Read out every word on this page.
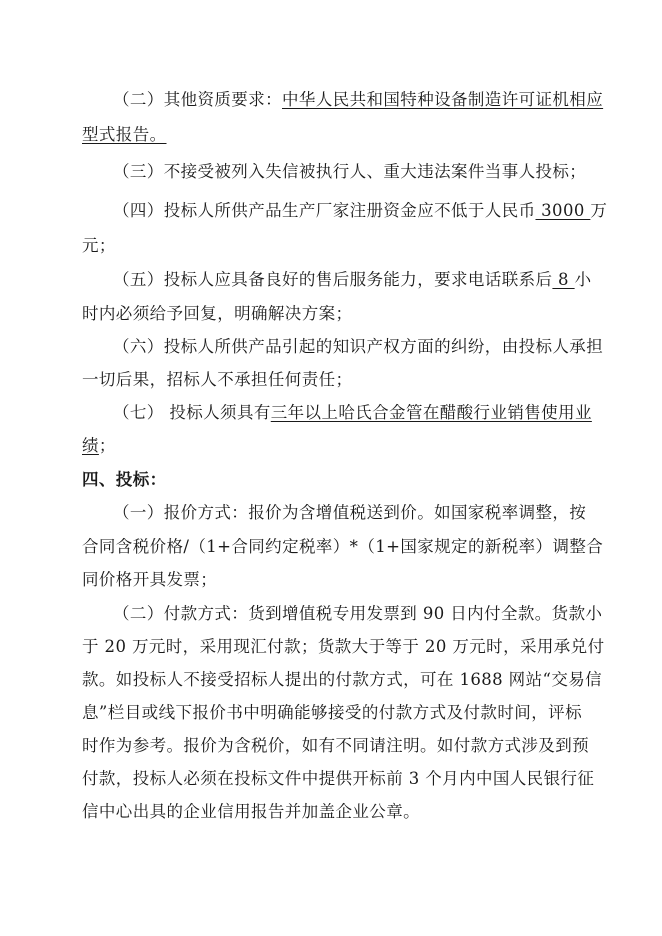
（二）其他资质要求：中华人民共和国特种设备制造许可证机相应
型式报告。
（三）不接受被列入失信被执行人、重大违法案件当事人投标；
（四）投标人所供产品生产厂家注册资金应不低于人民币 3000 万
元；
（五）投标人应具备良好的售后服务能力，要求电话联系后 8 小
时内必须给予回复，明确解决方案；
（六）投标人所供产品引起的知识产权方面的纠纷，由投标人承担
一切后果，招标人不承担任何责任；
（七） 投标人须具有三年以上哈氏合金管在醋酸行业销售使用业
绩；
四、投标：
（一）报价方式：报价为含增值税送到价。如国家税率调整，按
合同含税价格/（1+合同约定税率）*（1+国家规定的新税率）调整合
同价格开具发票；
（二）付款方式：货到增值税专用发票到 90 日内付全款。货款小
于 20 万元时，采用现汇付款；货款大于等于 20 万元时，采用承兑付
款。如投标人不接受招标人提出的付款方式，可在 1688 网站“交易信
息”栏目或线下报价书中明确能够接受的付款方式及付款时间，评标
时作为参考。报价为含税价，如有不同请注明。如付款方式涉及到预
付款，投标人必须在投标文件中提供开标前 3 个月内中国人民银行征
信中心出具的企业信用报告并加盖企业公章。
